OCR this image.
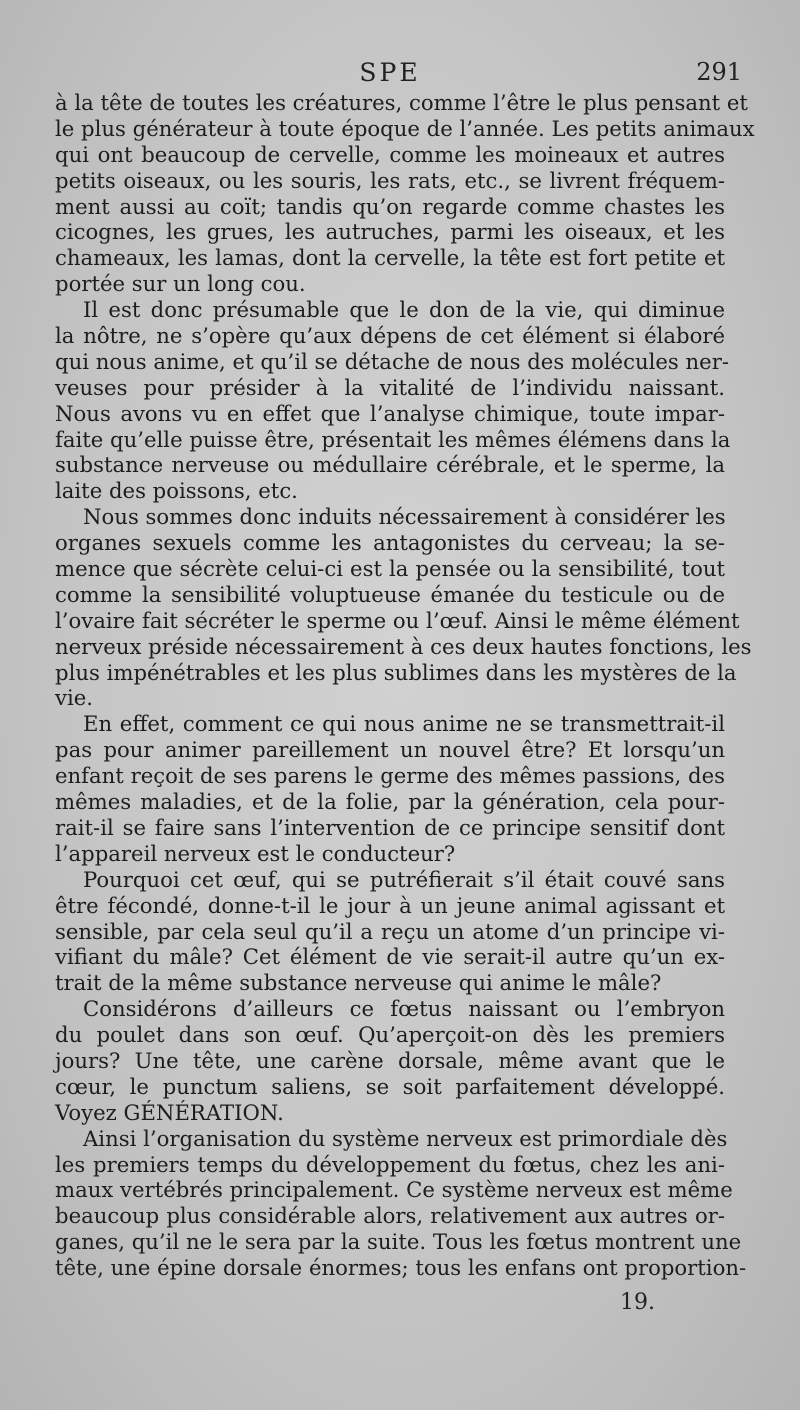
SPE	291
à la tête de toutes les créatures, comme l’être le plus pensant et
le plus générateur à toute époque de l’année. Les petits animaux
qui ont beaucoup de cervelle, comme les moineaux et autres
petits oiseaux, ou les souris, les rats, etc., se livrent fréquem-
ment aussi au coït; tandis qu’on regarde comme chastes les
cicognes, les grues, les autruches, parmi les oiseaux, et les
chameaux, les lamas, dont la cervelle, la tête est fort petite et
portée sur un long cou.
Il est donc présumable que le don de la vie, qui diminue
la nôtre, ne s’opère qu’aux dépens de cet élément si élaboré
qui nous anime, et qu’il se détache de nous des molécules ner-
veuses pour présider à la vitalité de l’individu naissant.
Nous avons vu en effet que l’analyse chimique, toute impar-
faite qu’elle puisse être, présentait les mêmes élémens dans la
substance nerveuse ou médullaire cérébrale, et le sperme, la
laite des poissons, etc.
Nous sommes donc induits nécessairement à considérer les
organes sexuels comme les antagonistes du cerveau; la se-
mence que sécrète celui-ci est la pensée ou la sensibilité, tout
comme la sensibilité voluptueuse émanée du testicule ou de
l’ovaire fait sécréter le sperme ou l’œuf. Ainsi le même élément
nerveux préside nécessairement à ces deux hautes fonctions, les
plus impénétrables et les plus sublimes dans les mystères de la
vie.
En effet, comment ce qui nous anime ne se transmettrait-il
pas pour animer pareillement un nouvel être? Et lorsqu’un
enfant reçoit de ses parens le germe des mêmes passions, des
mêmes maladies, et de la folie, par la génération, cela pour-
rait-il se faire sans l’intervention de ce principe sensitif dont
l’appareil nerveux est le conducteur?
Pourquoi cet œuf, qui se putréfierait s’il était couvé sans
être fécondé, donne-t-il le jour à un jeune animal agissant et
sensible, par cela seul qu’il a reçu un atome d’un principe vi-
vifiant du mâle? Cet élément de vie serait-il autre qu’un ex-
trait de la même substance nerveuse qui anime le mâle?
Considérons d’ailleurs ce fœtus naissant ou l’embryon
du poulet dans son œuf. Qu’aperçoit-on dès les premiers
jours? Une tête, une carène dorsale, même avant que le
cœur, le punctum saliens, se soit parfaitement développé.
Voyez GÉNÉRATION.
Ainsi l’organisation du système nerveux est primordiale dès
les premiers temps du développement du fœtus, chez les ani-
maux vertébrés principalement. Ce système nerveux est même
beaucoup plus considérable alors, relativement aux autres or-
ganes, qu’il ne le sera par la suite. Tous les fœtus montrent une
tête, une épine dorsale énormes; tous les enfans ont proportion-
19.
